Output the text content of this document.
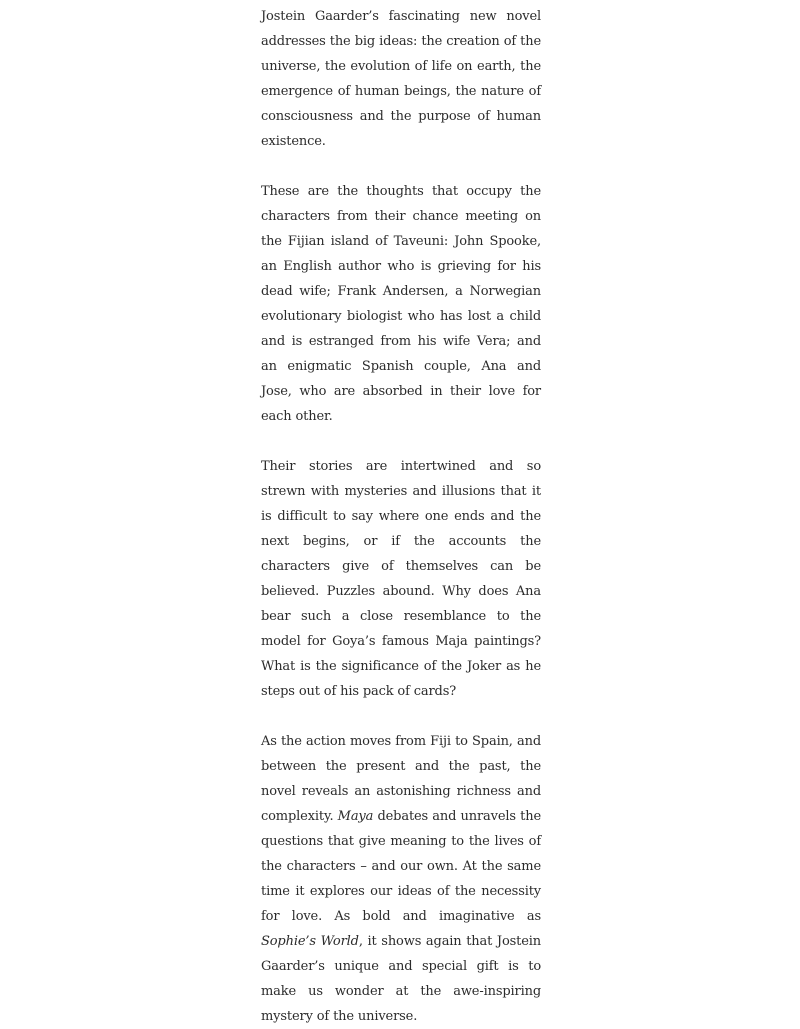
Jostein Gaarder’s fascinating new novel addresses the big ideas: the creation of the universe, the evolution of life on earth, the emergence of human beings, the nature of consciousness and the purpose of human existence.

These are the thoughts that occupy the characters from their chance meeting on the Fijian island of Taveuni: John Spooke, an English author who is grieving for his dead wife; Frank Andersen, a Norwegian evolutionary biologist who has lost a child and is estranged from his wife Vera; and an enigmatic Spanish couple, Ana and Jose, who are absorbed in their love for each other.

Their stories are intertwined and so strewn with mysteries and illusions that it is difficult to say where one ends and the next begins, or if the accounts the characters give of themselves can be believed. Puzzles abound. Why does Ana bear such a close resemblance to the model for Goya’s famous Maja paintings? What is the significance of the Joker as he steps out of his pack of cards?

As the action moves from Fiji to Spain, and between the present and the past, the novel reveals an astonishing richness and complexity. Maya debates and unravels the questions that give meaning to the lives of the characters – and our own. At the same time it explores our ideas of the necessity for love. As bold and imaginative as Sophie’s World, it shows again that Jostein Gaarder’s unique and special gift is to make us wonder at the awe-inspiring mystery of the universe.
